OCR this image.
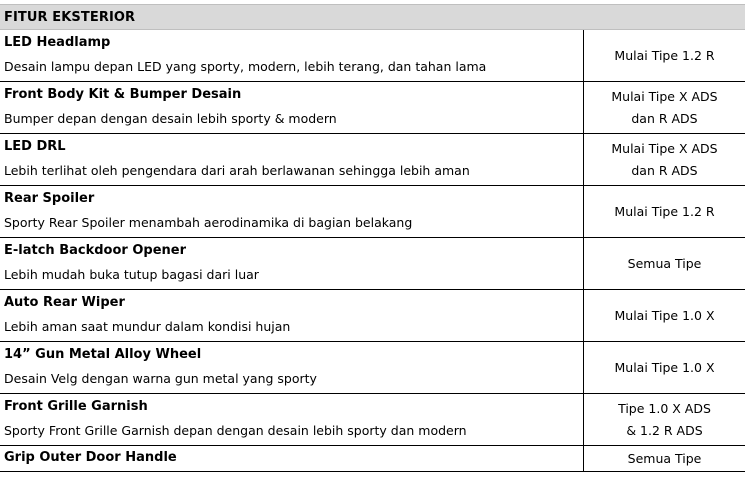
FITUR EKSTERIOR
LED Headlamp
Desain lampu depan LED yang sporty, modern, lebih terang, dan tahan lama
Mulai Tipe 1.2 R
Front Body Kit & Bumper Desain
Bumper depan dengan desain lebih sporty & modern
Mulai Tipe X ADS
dan R ADS
LED DRL
Lebih terlihat oleh pengendara dari arah berlawanan sehingga lebih aman
Mulai Tipe X ADS
dan R ADS
Rear Spoiler
Sporty Rear Spoiler menambah aerodinamika di bagian belakang
Mulai Tipe 1.2 R
E-latch Backdoor Opener
Lebih mudah buka tutup bagasi dari luar
Semua Tipe
Auto Rear Wiper
Lebih aman saat mundur dalam kondisi hujan
Mulai Tipe 1.0 X
14” Gun Metal Alloy Wheel
Desain Velg dengan warna gun metal yang sporty
Mulai Tipe 1.0 X
Front Grille Garnish
Sporty Front Grille Garnish depan dengan desain lebih sporty dan modern
Tipe 1.0 X ADS
& 1.2 R ADS
Grip Outer Door Handle	Semua Tipe
